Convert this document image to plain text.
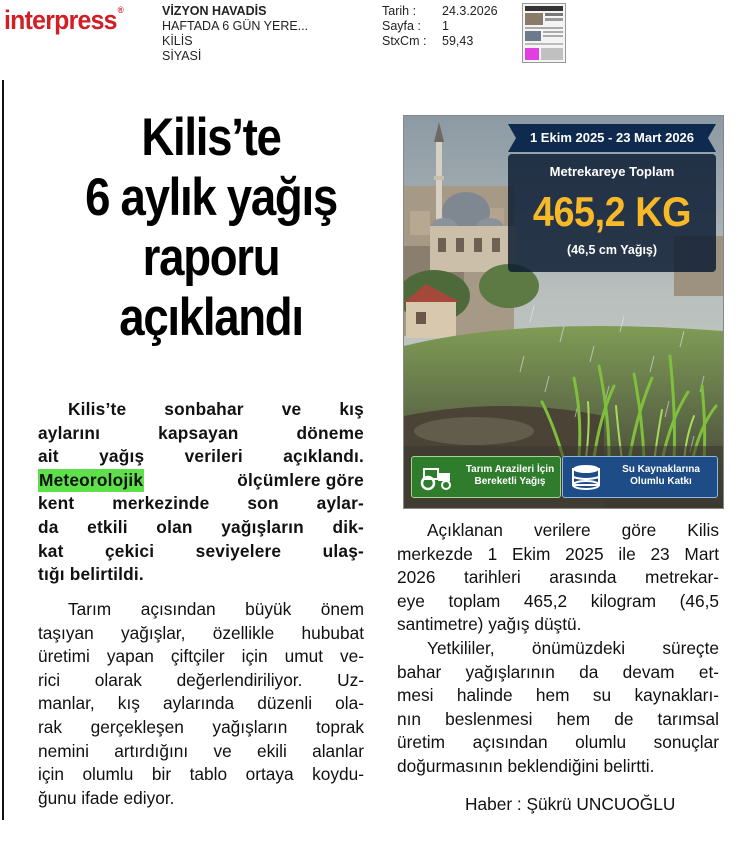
interpress®	VİZYON HAVADİS
HAFTADA 6 GÜN YERE...
KİLİS
SİYASİ
Tarih :
Sayfa :
StxCm :
24.3.2026
1
59,43
Kilis’te
6 aylık yağış
raporu
açıklandı
Kilis’te sonbahar ve kış
aylarını kapsayan döneme
ait yağış verileri açıklandı.
Meteorolojik	ölçümlere göre
kent merkezinde son aylar-
da etkili olan yağışların dik-
kat çekici seviyelere ulaş-
tığı belirtildi.
Tarım açısından büyük önem
taşıyan yağışlar, özellikle hububat
üretimi yapan çiftçiler için umut ve-
rici olarak değerlendiriliyor. Uz-
manlar, kış aylarında düzenli ola-
rak gerçekleşen yağışların toprak
nemini artırdığını ve ekili alanlar
için olumlu bir tablo ortaya koydu-
ğunu ifade ediyor.
1 Ekim 2025 - 23 Mart 2026
Metrekareye Toplam
465,2 KG
(46,5 cm Yağış)
Tarım Arazileri İçin
Bereketli Yağış
Su Kaynaklarına
Olumlu Katkı
Açıklanan verilere göre Kilis
merkezde 1 Ekim 2025 ile 23 Mart
2026 tarihleri arasında metrekar-
eye toplam 465,2 kilogram (46,5
santimetre) yağış düştü.
Yetkililer, önümüzdeki süreçte
bahar yağışlarının da devam et-
mesi halinde hem su kaynakları-
nın beslenmesi hem de tarımsal
üretim açısından olumlu sonuçlar
doğurmasının beklendiğini belirtti.
Haber : Şükrü UNCUOĞLU
